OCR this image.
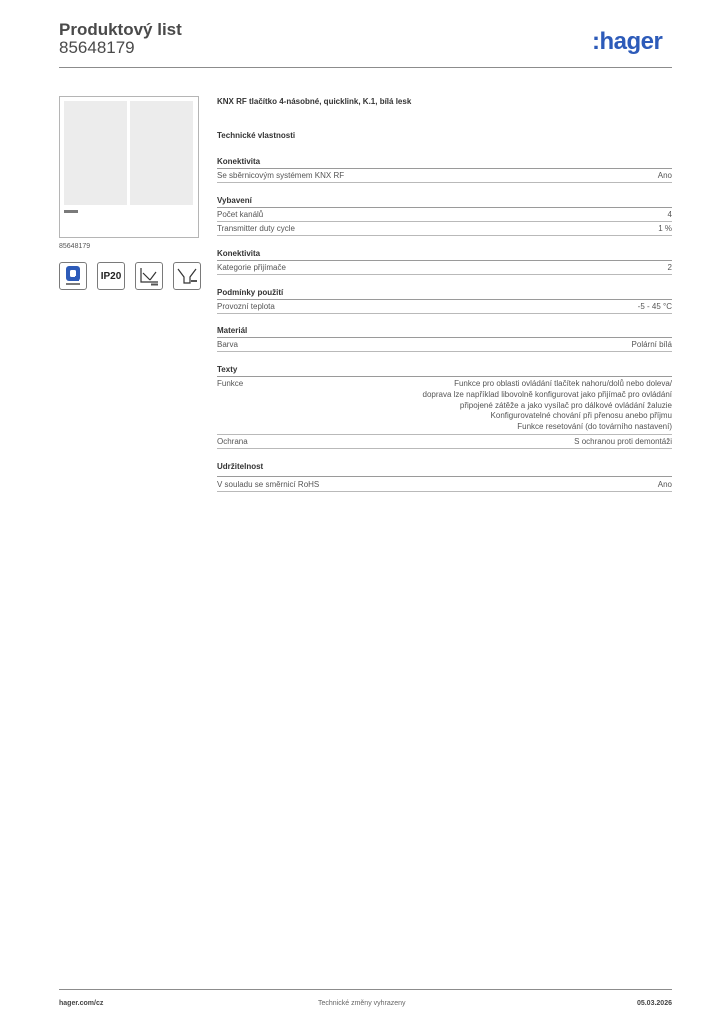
Produktový list
85648179	:hager
85648179
IP20
KNX RF tlačítko 4-násobné, quicklink, K.1, bílá lesk
Technické vlastnosti
Konektivita
Se sběrnicovým systémem KNX RF	Ano
Vybavení
Počet kanálů	4
Transmitter duty cycle	1 %
Konektivita
Kategorie přijímače	2
Podmínky použití
Provozní teplota	-5 - 45 °C
Materiál
Barva	Polární bílá
Texty
Funkce	Funkce pro oblasti ovládání tlačítek nahoru/dolů nebo doleva/
doprava lze například libovolně konfigurovat jako přijímač pro ovládání
připojené zátěže a jako vysílač pro dálkové ovládání žaluzie
Konfigurovatelné chování při přenosu anebo příjmu
Funkce resetování (do továrního nastavení)
Ochrana	S ochranou proti demontáži
Udržitelnost
V souladu se směrnicí RoHS	Ano
hager.com/cz	Technické změny vyhrazeny	05.03.2026
